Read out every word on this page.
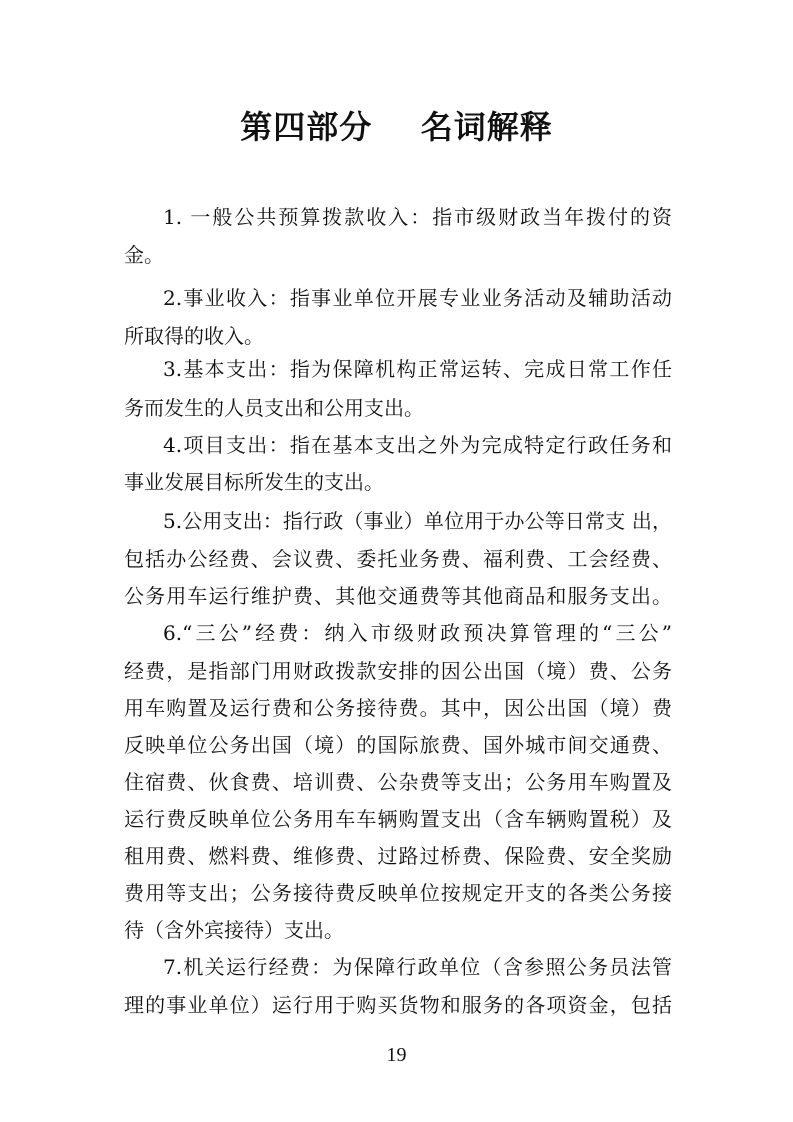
第四部分    名词解释
1. 一般公共预算拨款收入：指市级财政当年拨付的资
金。
2.事业收入：指事业单位开展专业业务活动及辅助活动
所取得的收入。
3.基本支出：指为保障机构正常运转、完成日常工作任
务而发生的人员支出和公用支出。
4.项目支出：指在基本支出之外为完成特定行政任务和
事业发展目标所发生的支出。
5.公用支出：指行政（事业）单位用于办公等日常支 出，
包括办公经费、会议费、委托业务费、福利费、工会经费、
公务用车运行维护费、其他交通费等其他商品和服务支出。
6.“三公”经费：纳入市级财政预决算管理的“三公”
经费，是指部门用财政拨款安排的因公出国（境）费、公务
用车购置及运行费和公务接待费。其中，因公出国（境）费
反映单位公务出国（境）的国际旅费、国外城市间交通费、
住宿费、伙食费、培训费、公杂费等支出；公务用车购置及
运行费反映单位公务用车车辆购置支出（含车辆购置税）及
租用费、燃料费、维修费、过路过桥费、保险费、安全奖励
费用等支出；公务接待费反映单位按规定开支的各类公务接
待（含外宾接待）支出。
7.机关运行经费：为保障行政单位（含参照公务员法管
理的事业单位）运行用于购买货物和服务的各项资金，包括
19
